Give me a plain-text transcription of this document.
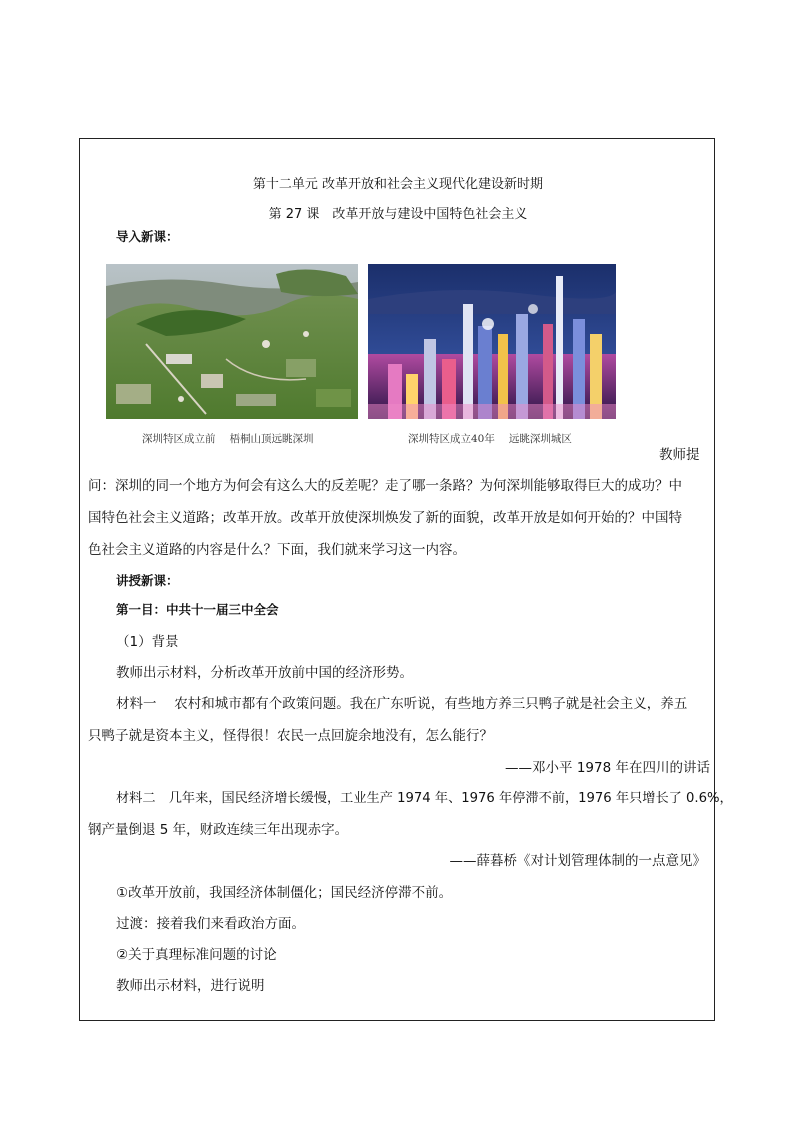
第十二单元 改革开放和社会主义现代化建设新时期
第 27 课　改革开放与建设中国特色社会主义
导入新课：
深圳特区成立前 梧桐山顶远眺深圳	深圳特区成立40年 远眺深圳城区
教师提
问：深圳的同一个地方为何会有这么大的反差呢？走了哪一条路？为何深圳能够取得巨大的成功？中
国特色社会主义道路；改革开放。改革开放使深圳焕发了新的面貌，改革开放是如何开始的？中国特
色社会主义道路的内容是什么？下面，我们就来学习这一内容。
讲授新课：
第一目：中共十一届三中全会
（1）背景
教师出示材料，分析改革开放前中国的经济形势。
材料一　 农村和城市都有个政策问题。我在广东听说，有些地方养三只鸭子就是社会主义，养五
只鸭子就是资本主义，怪得很！农民一点回旋余地没有，怎么能行？
——邓小平 1978 年在四川的讲话
材料二　几年来，国民经济增长缓慢，工业生产 1974 年、1976 年停滞不前，1976 年只增长了 0.6%，
钢产量倒退 5 年，财政连续三年出现赤字。
——薛暮桥《对计划管理体制的一点意见》
①改革开放前，我国经济体制僵化；国民经济停滞不前。
过渡：接着我们来看政治方面。
②关于真理标准问题的讨论
教师出示材料，进行说明
